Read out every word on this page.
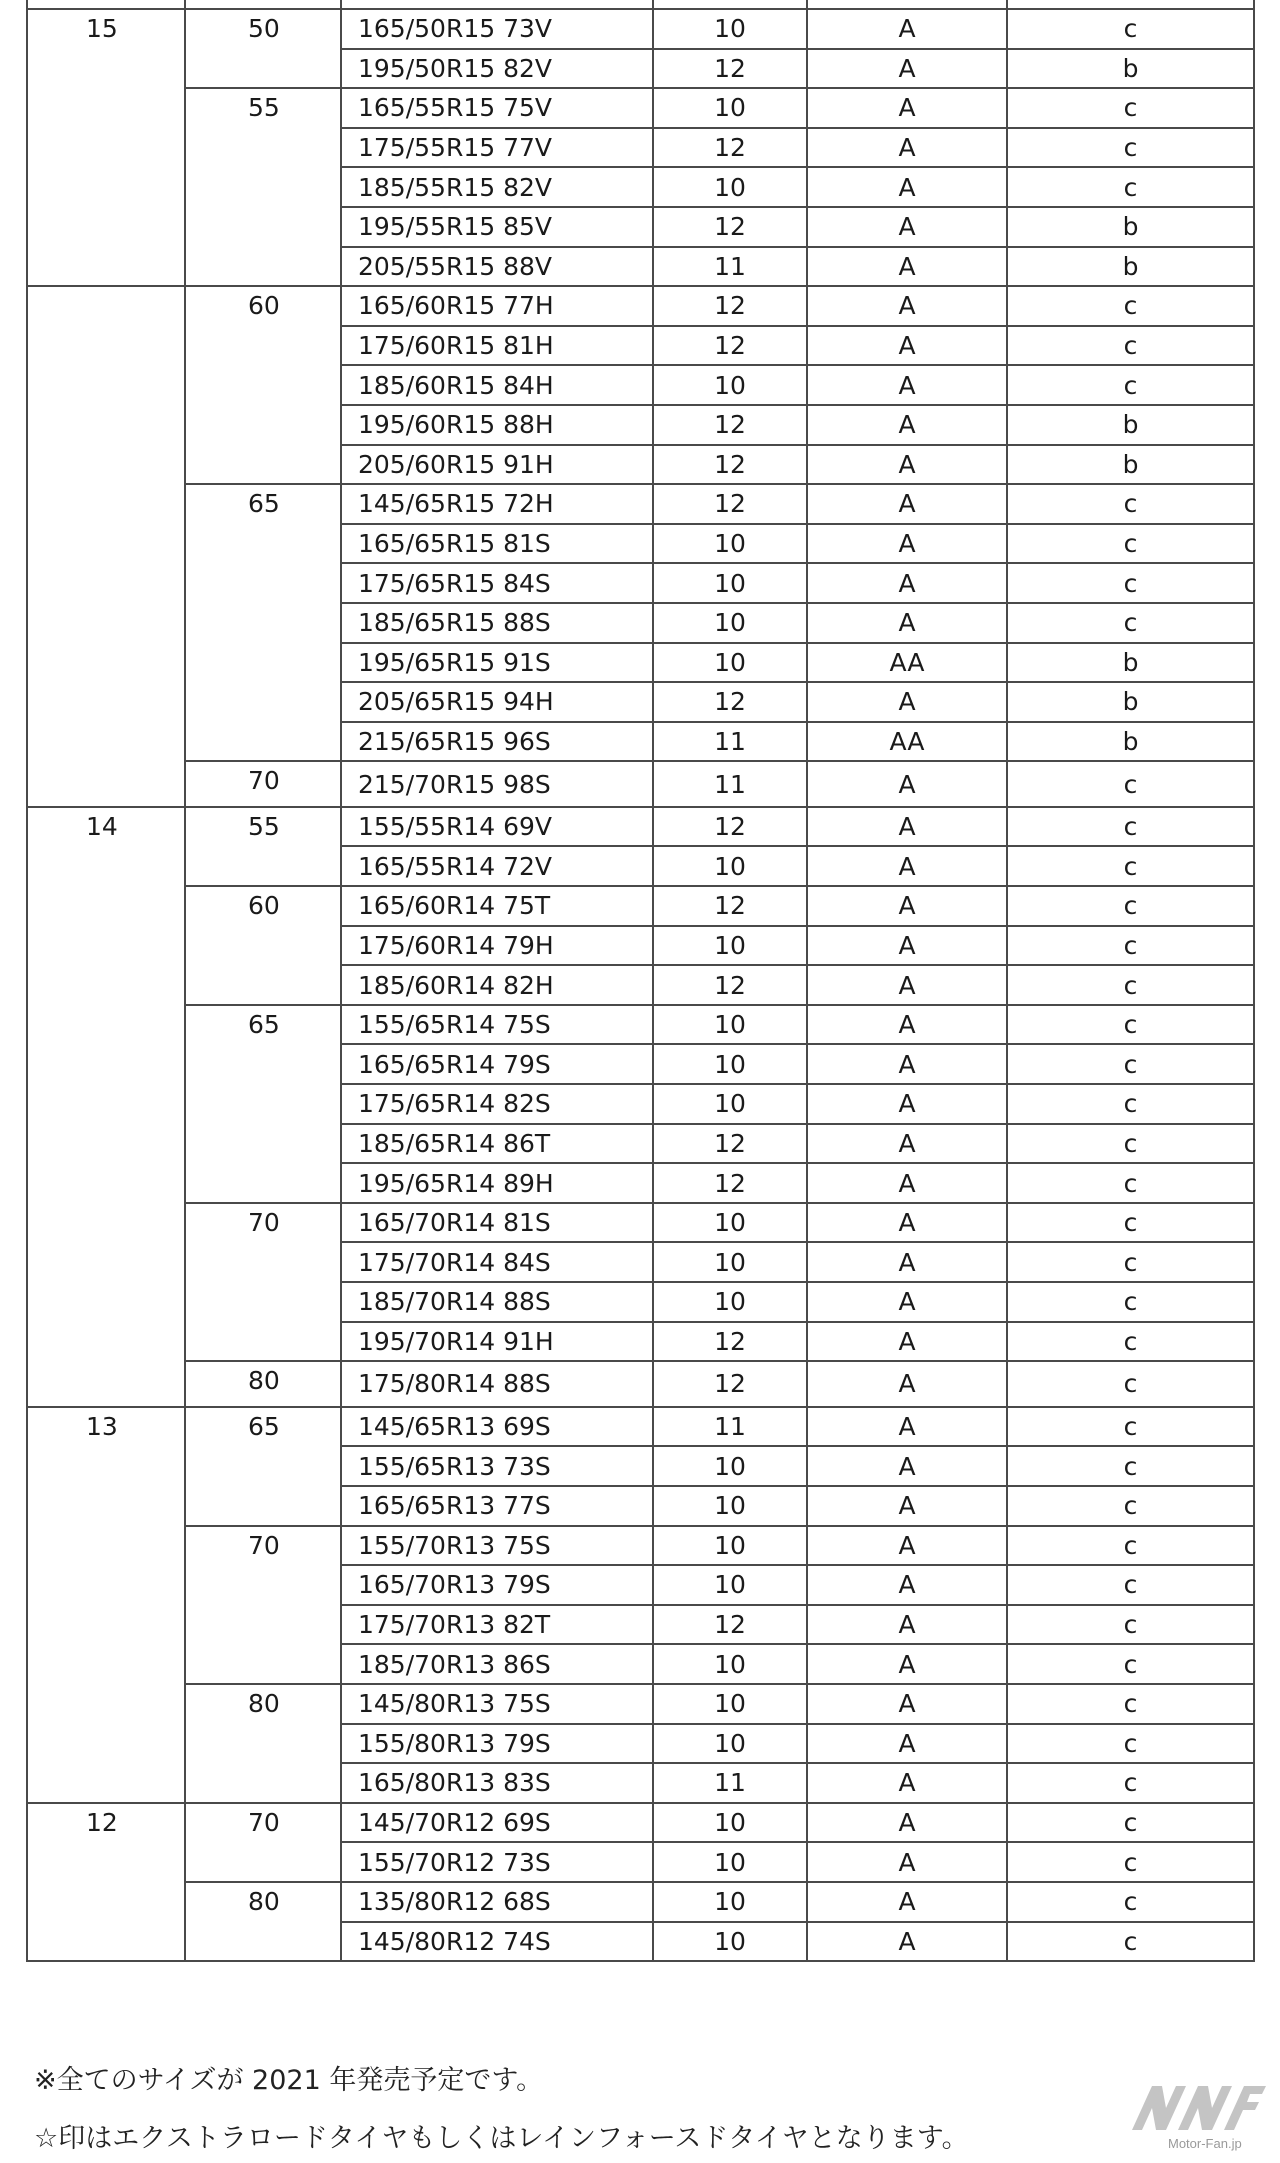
15	50	165/50R15 73V	10	A	c
		195/50R15 82V	12	A	b
	55	165/55R15 75V	10	A	c
		175/55R15 77V	12	A	c
		185/55R15 82V	10	A	c
		195/55R15 85V	12	A	b
		205/55R15 88V	11	A	b
	60	165/60R15 77H	12	A	c
		175/60R15 81H	12	A	c
		185/60R15 84H	10	A	c
		195/60R15 88H	12	A	b
		205/60R15 91H	12	A	b
	65	145/65R15 72H	12	A	c
		165/65R15 81S	10	A	c
		175/65R15 84S	10	A	c
		185/65R15 88S	10	A	c
		195/65R15 91S	10	AA	b
		205/65R15 94H	12	A	b
		215/65R15 96S	11	AA	b
	70	215/70R15 98S	11	A	c
14	55	155/55R14 69V	12	A	c
		165/55R14 72V	10	A	c
	60	165/60R14 75T	12	A	c
		175/60R14 79H	10	A	c
		185/60R14 82H	12	A	c
	65	155/65R14 75S	10	A	c
		165/65R14 79S	10	A	c
		175/65R14 82S	10	A	c
		185/65R14 86T	12	A	c
		195/65R14 89H	12	A	c
	70	165/70R14 81S	10	A	c
		175/70R14 84S	10	A	c
		185/70R14 88S	10	A	c
		195/70R14 91H	12	A	c
	80	175/80R14 88S	12	A	c
13	65	145/65R13 69S	11	A	c
		155/65R13 73S	10	A	c
		165/65R13 77S	10	A	c
	70	155/70R13 75S	10	A	c
		165/70R13 79S	10	A	c
		175/70R13 82T	12	A	c
		185/70R13 86S	10	A	c
	80	145/80R13 75S	10	A	c
		155/80R13 79S	10	A	c
		165/80R13 83S	11	A	c
12	70	145/70R12 69S	10	A	c
		155/70R12 73S	10	A	c
	80	135/80R12 68S	10	A	c
		145/80R12 74S	10	A	c
※全てのサイズが 2021 年発売予定です。
☆印はエクストラロードタイヤもしくはレインフォースドタイヤとなります。	Motor-Fan.jp
